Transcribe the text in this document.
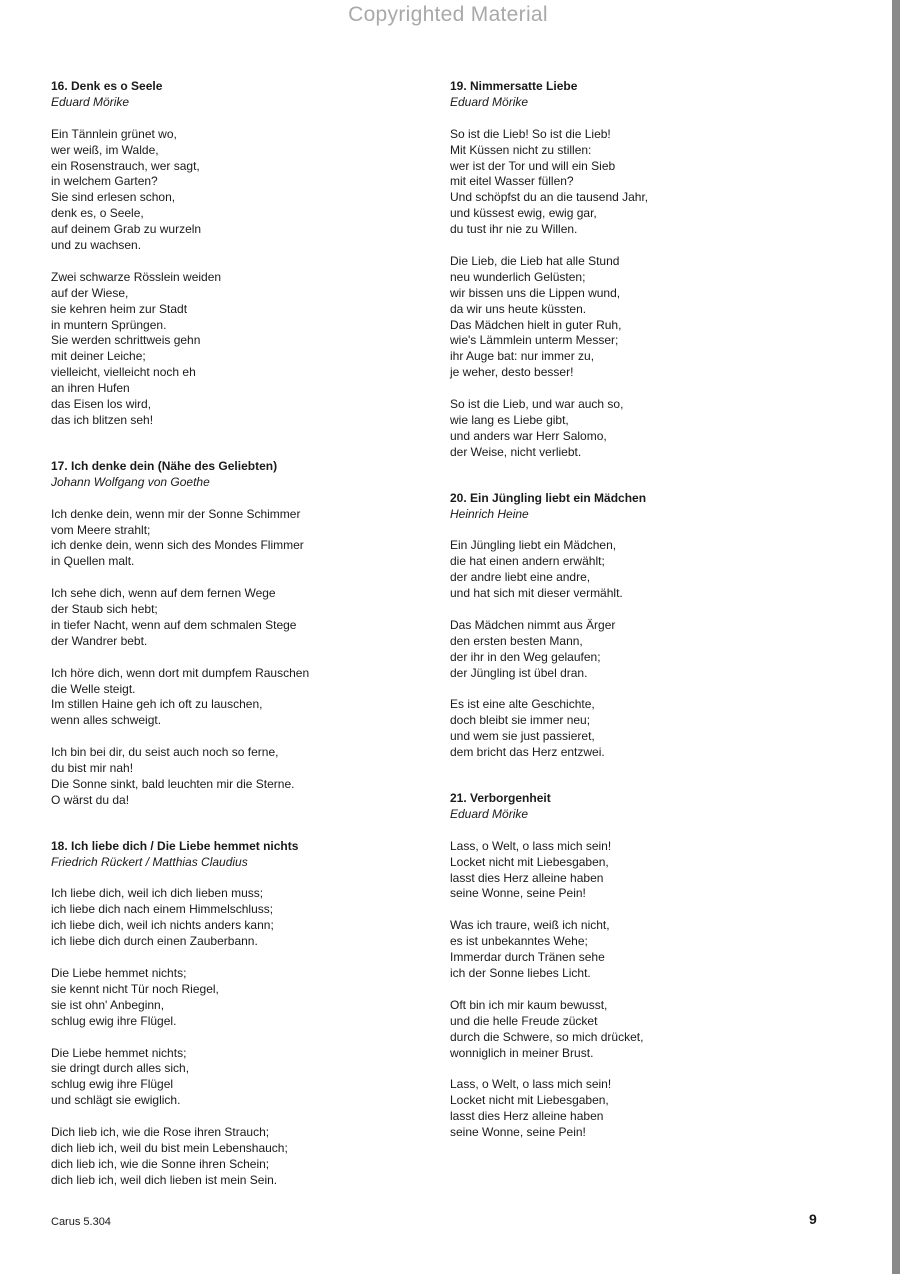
Copyrighted Material
16. Denk es o Seele
Eduard Mörike
Ein Tännlein grünet wo,
wer weiß, im Walde,
ein Rosenstrauch, wer sagt,
in welchem Garten?
Sie sind erlesen schon,
denk es, o Seele,
auf deinem Grab zu wurzeln
und zu wachsen.
Zwei schwarze Rösslein weiden
auf der Wiese,
sie kehren heim zur Stadt
in muntern Sprüngen.
Sie werden schrittweis gehn
mit deiner Leiche;
vielleicht, vielleicht noch eh
an ihren Hufen
das Eisen los wird,
das ich blitzen seh!
17. Ich denke dein (Nähe des Geliebten)
Johann Wolfgang von Goethe
Ich denke dein, wenn mir der Sonne Schimmer
vom Meere strahlt;
ich denke dein, wenn sich des Mondes Flimmer
in Quellen malt.
Ich sehe dich, wenn auf dem fernen Wege
der Staub sich hebt;
in tiefer Nacht, wenn auf dem schmalen Stege
der Wandrer bebt.
Ich höre dich, wenn dort mit dumpfem Rauschen
die Welle steigt.
Im stillen Haine geh ich oft zu lauschen,
wenn alles schweigt.
Ich bin bei dir, du seist auch noch so ferne,
du bist mir nah!
Die Sonne sinkt, bald leuchten mir die Sterne.
O wärst du da!
18. Ich liebe dich / Die Liebe hemmet nichts
Friedrich Rückert / Matthias Claudius
Ich liebe dich, weil ich dich lieben muss;
ich liebe dich nach einem Himmelschluss;
ich liebe dich, weil ich nichts anders kann;
ich liebe dich durch einen Zauberbann.
Die Liebe hemmet nichts;
sie kennt nicht Tür noch Riegel,
sie ist ohn' Anbeginn,
schlug ewig ihre Flügel.
Die Liebe hemmet nichts;
sie dringt durch alles sich,
schlug ewig ihre Flügel
und schlägt sie ewiglich.
Dich lieb ich, wie die Rose ihren Strauch;
dich lieb ich, weil du bist mein Lebenshauch;
dich lieb ich, wie die Sonne ihren Schein;
dich lieb ich, weil dich lieben ist mein Sein.
19. Nimmersatte Liebe
Eduard Mörike
So ist die Lieb! So ist die Lieb!
Mit Küssen nicht zu stillen:
wer ist der Tor und will ein Sieb
mit eitel Wasser füllen?
Und schöpfst du an die tausend Jahr,
und küssest ewig, ewig gar,
du tust ihr nie zu Willen.
Die Lieb, die Lieb hat alle Stund
neu wunderlich Gelüsten;
wir bissen uns die Lippen wund,
da wir uns heute küssten.
Das Mädchen hielt in guter Ruh,
wie's Lämmlein unterm Messer;
ihr Auge bat: nur immer zu,
je weher, desto besser!
So ist die Lieb, und war auch so,
wie lang es Liebe gibt,
und anders war Herr Salomo,
der Weise, nicht verliebt.
20. Ein Jüngling liebt ein Mädchen
Heinrich Heine
Ein Jüngling liebt ein Mädchen,
die hat einen andern erwählt;
der andre liebt eine andre,
und hat sich mit dieser vermählt.
Das Mädchen nimmt aus Ärger
den ersten besten Mann,
der ihr in den Weg gelaufen;
der Jüngling ist übel dran.
Es ist eine alte Geschichte,
doch bleibt sie immer neu;
und wem sie just passieret,
dem bricht das Herz entzwei.
21. Verborgenheit
Eduard Mörike
Lass, o Welt, o lass mich sein!
Locket nicht mit Liebesgaben,
lasst dies Herz alleine haben
seine Wonne, seine Pein!
Was ich traure, weiß ich nicht,
es ist unbekanntes Wehe;
Immerdar durch Tränen sehe
ich der Sonne liebes Licht.
Oft bin ich mir kaum bewusst,
und die helle Freude zücket
durch die Schwere, so mich drücket,
wonniglich in meiner Brust.
Lass, o Welt, o lass mich sein!
Locket nicht mit Liebesgaben,
lasst dies Herz alleine haben
seine Wonne, seine Pein!
Carus 5.304	9
